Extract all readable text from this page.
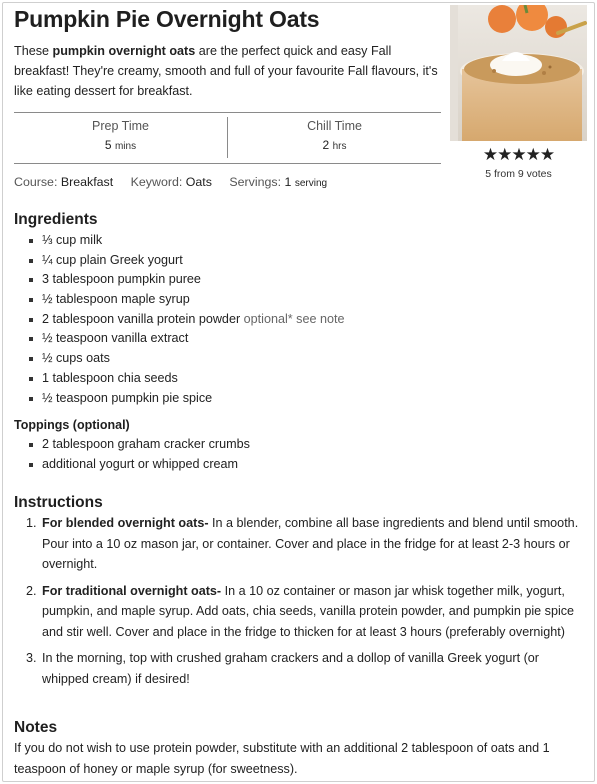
Pumpkin Pie Overnight Oats

These pumpkin overnight oats are the perfect quick and easy Fall breakfast! They're creamy, smooth and full of your favourite Fall flavours, it's like eating dessert for breakfast.

★★★★★
5 from 9 votes
Prep Time
5 mins
Chill Time
2 hrs
Course: Breakfast Keyword: Oats Servings: 1 serving
Ingredients
⅓ cup milk
¼ cup plain Greek yogurt
3 tablespoon pumpkin puree
½ tablespoon maple syrup
2 tablespoon vanilla protein powder optional* see note
½ teaspoon vanilla extract
½ cups oats
1 tablespoon chia seeds
½ teaspoon pumpkin pie spice
Toppings (optional)
2 tablespoon graham cracker crumbs
additional yogurt or whipped cream
Instructions
1. For blended overnight oats- In a blender, combine all base ingredients and blend until smooth. Pour into a 10 oz mason jar, or container. Cover and place in the fridge for at least 2-3 hours or overnight.
2. For traditional overnight oats- In a 10 oz container or mason jar whisk together milk, yogurt, pumpkin, and maple syrup. Add oats, chia seeds, vanilla protein powder, and pumpkin pie spice and stir well. Cover and place in the fridge to thicken for at least 3 hours (preferably overnight)
3. In the morning, top with crushed graham crackers and a dollop of vanilla Greek yogurt (or whipped cream) if desired!
Notes

If you do not wish to use protein powder, substitute with an additional 2 tablespoon of oats and 1 teaspoon of honey or maple syrup (for sweetness).
